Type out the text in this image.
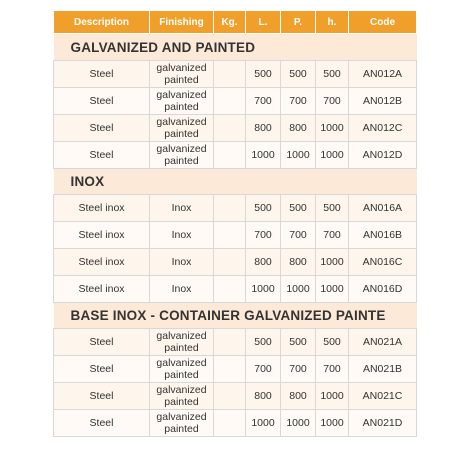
Description	Finishing	Kg.	L.	P.	h.	Code
GALVANIZED AND PAINTED						
Steel	galvanized painted		500	500	500	AN012A
Steel	galvanized painted		700	700	700	AN012B
Steel	galvanized painted		800	800	1000	AN012C
Steel	galvanized painted		1000	1000	1000	AN012D
INOX						
Steel inox	Inox		500	500	500	AN016A
Steel inox	Inox		700	700	700	AN016B
Steel inox	Inox		800	800	1000	AN016C
Steel inox	Inox		1000	1000	1000	AN016D
BASE INOX - CONTAINER GALVANIZED PAINTE						
Steel	galvanized painted		500	500	500	AN021A
Steel	galvanized painted		700	700	700	AN021B
Steel	galvanized painted		800	800	1000	AN021C
Steel	galvanized painted		1000	1000	1000	AN021D
